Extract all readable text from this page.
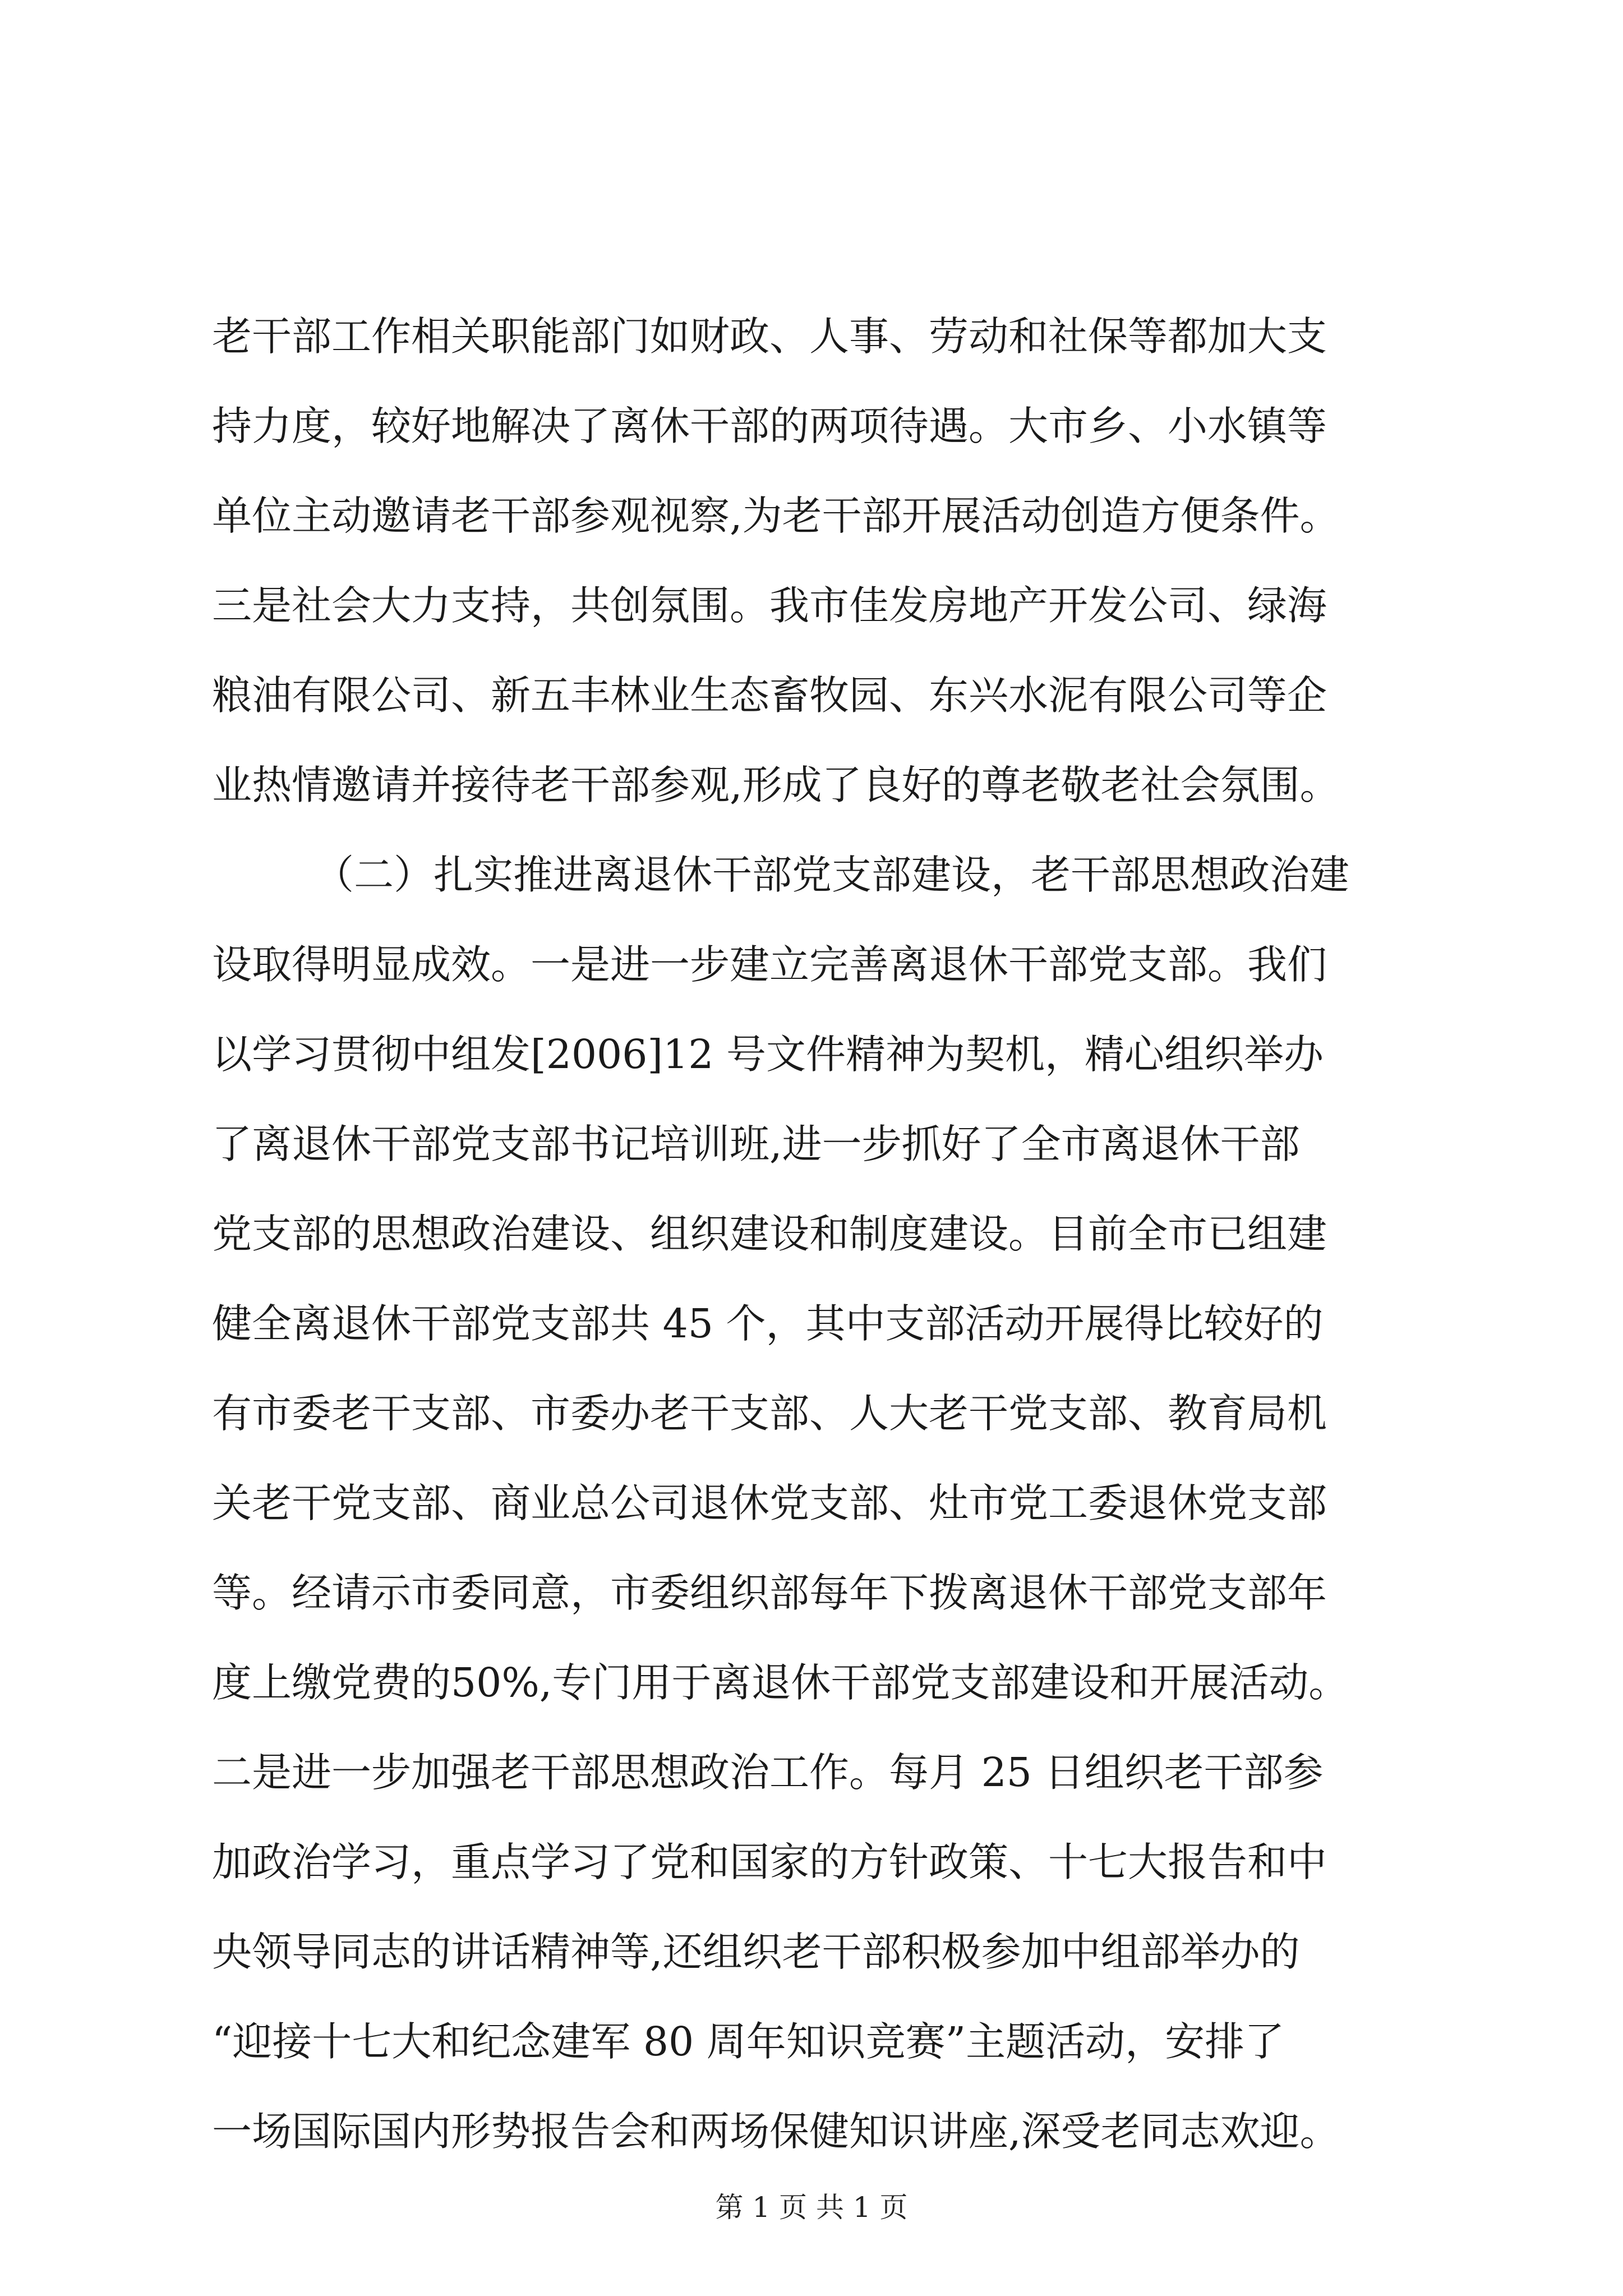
老干部工作相关职能部门如财政、人事、劳动和社保等都加大支
持力度，较好地解决了离休干部的两项待遇。大市乡、小水镇等
单位主动邀请老干部参观视察,为老干部开展活动创造方便条件。
三是社会大力支持，共创氛围。我市佳发房地产开发公司、绿海
粮油有限公司、新五丰林业生态畜牧园、东兴水泥有限公司等企
业热情邀请并接待老干部参观,形成了良好的尊老敬老社会氛围。
（二）扎实推进离退休干部党支部建设，老干部思想政治建
设取得明显成效。一是进一步建立完善离退休干部党支部。我们
以学习贯彻中组发[2006]12 号文件精神为契机，精心组织举办
了离退休干部党支部书记培训班,进一步抓好了全市离退休干部
党支部的思想政治建设、组织建设和制度建设。目前全市已组建
健全离退休干部党支部共 45 个，其中支部活动开展得比较好的
有市委老干支部、市委办老干支部、人大老干党支部、教育局机
关老干党支部、商业总公司退休党支部、灶市党工委退休党支部
等。经请示市委同意，市委组织部每年下拨离退休干部党支部年
度上缴党费的50%,专门用于离退休干部党支部建设和开展活动。
二是进一步加强老干部思想政治工作。每月 25 日组织老干部参
加政治学习，重点学习了党和国家的方针政策、十七大报告和中
央领导同志的讲话精神等,还组织老干部积极参加中组部举办的
“迎接十七大和纪念建军 80 周年知识竞赛”主题活动，安排了
一场国际国内形势报告会和两场保健知识讲座,深受老同志欢迎。
第 1 页 共 1 页
